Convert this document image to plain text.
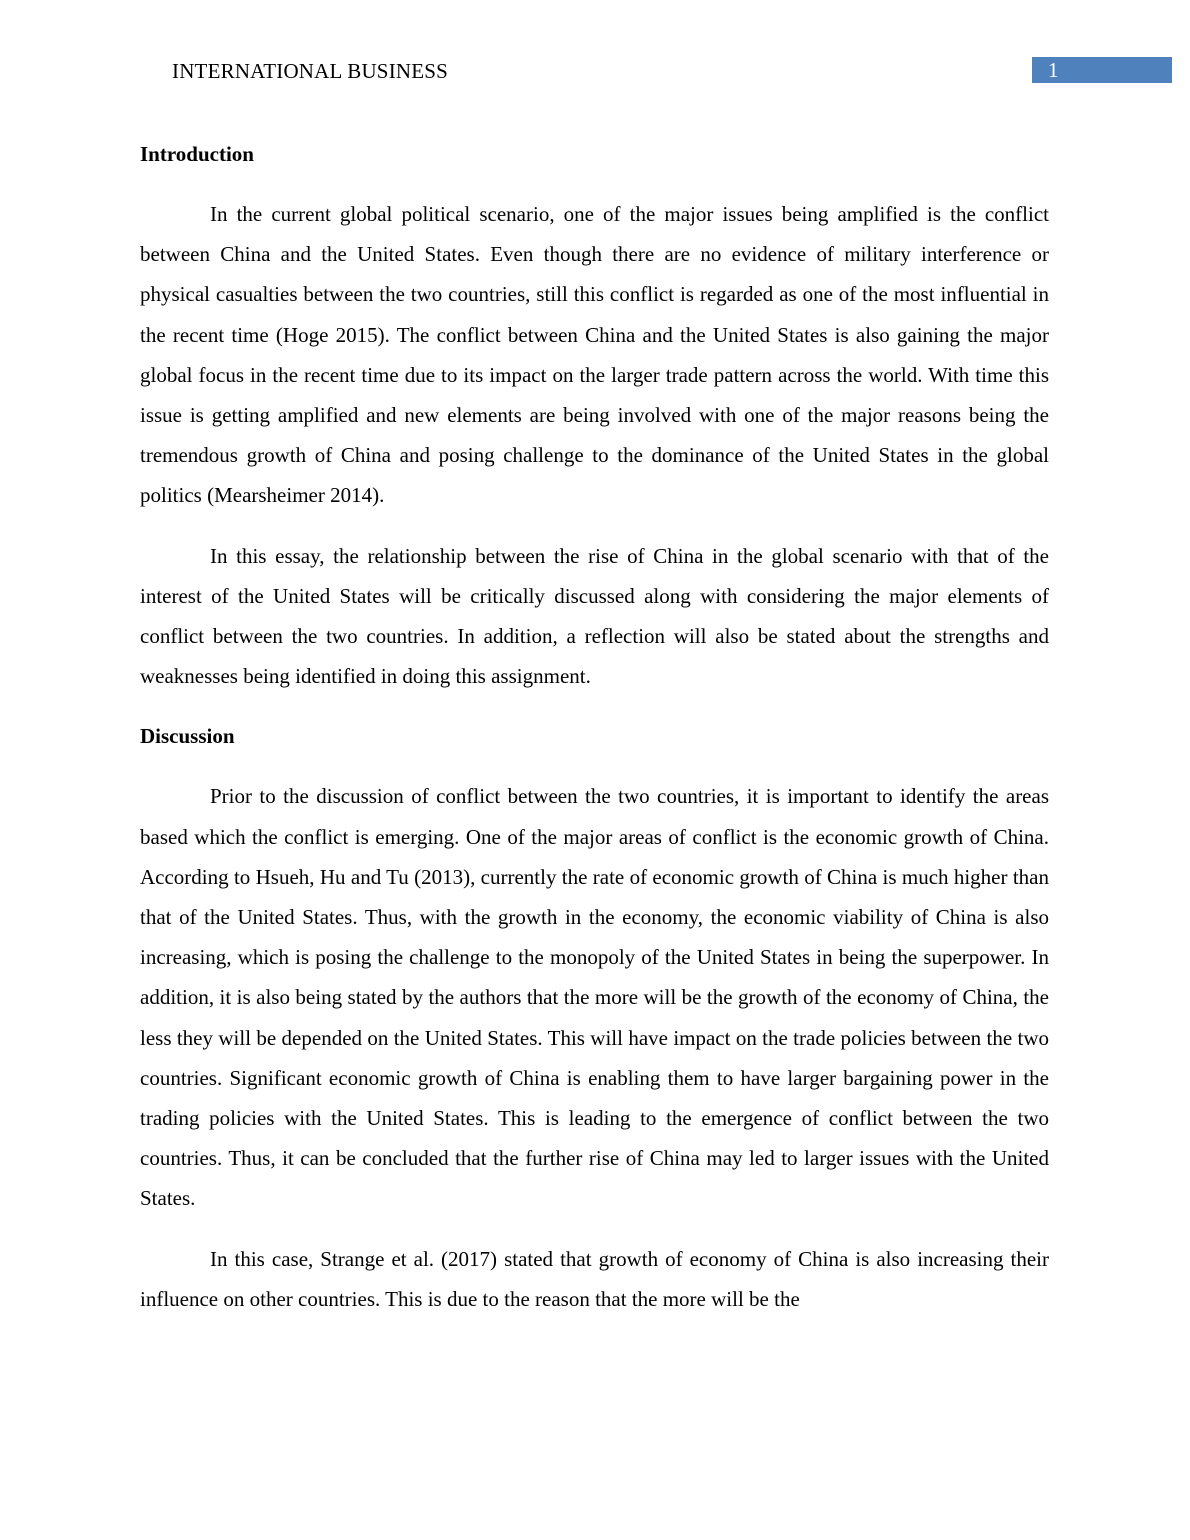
INTERNATIONAL BUSINESS	1
Introduction

In the current global political scenario, one of the major issues being amplified is the conflict between China and the United States. Even though there are no evidence of military interference or physical casualties between the two countries, still this conflict is regarded as one of the most influential in the recent time (Hoge 2015). The conflict between China and the United States is also gaining the major global focus in the recent time due to its impact on the larger trade pattern across the world. With time this issue is getting amplified and new elements are being involved with one of the major reasons being the tremendous growth of China and posing challenge to the dominance of the United States in the global politics (Mearsheimer 2014).

In this essay, the relationship between the rise of China in the global scenario with that of the interest of the United States will be critically discussed along with considering the major elements of conflict between the two countries. In addition, a reflection will also be stated about the strengths and weaknesses being identified in doing this assignment.

Discussion

Prior to the discussion of conflict between the two countries, it is important to identify the areas based which the conflict is emerging. One of the major areas of conflict is the economic growth of China. According to Hsueh, Hu and Tu (2013), currently the rate of economic growth of China is much higher than that of the United States. Thus, with the growth in the economy, the economic viability of China is also increasing, which is posing the challenge to the monopoly of the United States in being the superpower. In addition, it is also being stated by the authors that the more will be the growth of the economy of China, the less they will be depended on the United States. This will have impact on the trade policies between the two countries. Significant economic growth of China is enabling them to have larger bargaining power in the trading policies with the United States. This is leading to the emergence of conflict between the two countries. Thus, it can be concluded that the further rise of China may led to larger issues with the United States.

In this case, Strange et al. (2017) stated that growth of economy of China is also increasing their influence on other countries. This is due to the reason that the more will be the
